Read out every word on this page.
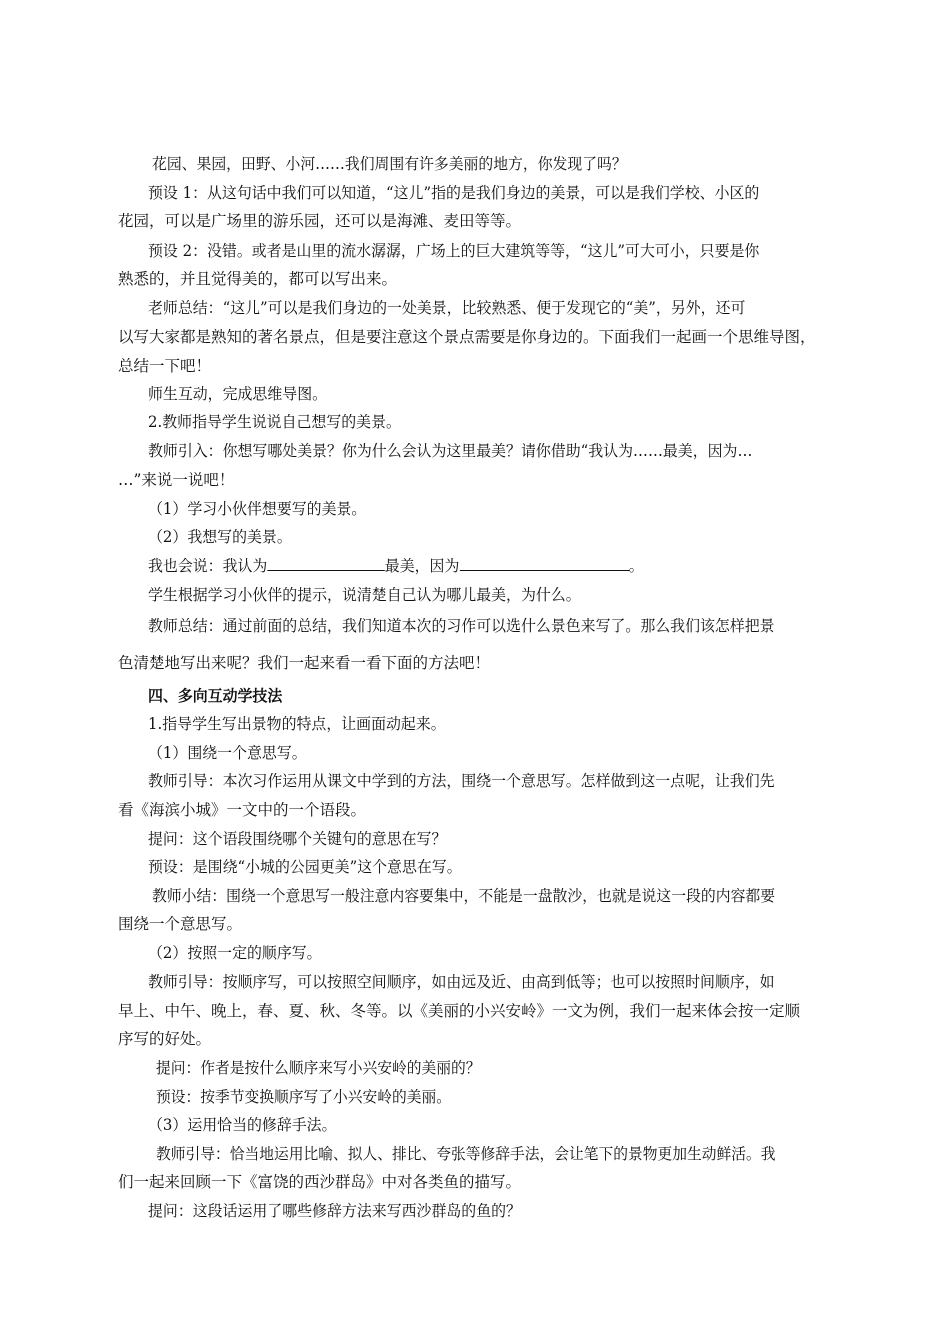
花园、果园，田野、小河……我们周围有许多美丽的地方，你发现了吗？
预设 1：从这句话中我们可以知道，“这儿”指的是我们身边的美景，可以是我们学校、小区的
花园，可以是广场里的游乐园，还可以是海滩、麦田等等。
预设 2：没错。或者是山里的流水潺潺，广场上的巨大建筑等等，“这儿”可大可小，只要是你
熟悉的，并且觉得美的，都可以写出来。
老师总结：“这儿”可以是我们身边的一处美景，比较熟悉、便于发现它的“美”，另外，还可
以写大家都是熟知的著名景点，但是要注意这个景点需要是你身边的。下面我们一起画一个思维导图，
总结一下吧！
师生互动，完成思维导图。
2.教师指导学生说说自己想写的美景。
教师引入：你想写哪处美景？你为什么会认为这里最美？请你借助“我认为……最美，因为…
…”来说一说吧！
（1）学习小伙伴想要写的美景。
（2）我想写的美景。
我也会说：我认为	最美，因为	。
学生根据学习小伙伴的提示，说清楚自己认为哪儿最美，为什么。
教师总结：通过前面的总结，我们知道本次的习作可以选什么景色来写了。那么我们该怎样把景
色清楚地写出来呢？我们一起来看一看下面的方法吧！
四、多向互动学技法
1.指导学生写出景物的特点，让画面动起来。
（1）围绕一个意思写。
教师引导：本次习作运用从课文中学到的方法，围绕一个意思写。怎样做到这一点呢，让我们先
看《海滨小城》一文中的一个语段。
提问：这个语段围绕哪个关键句的意思在写？
预设：是围绕“小城的公园更美”这个意思在写。
教师小结：围绕一个意思写一般注意内容要集中，不能是一盘散沙，也就是说这一段的内容都要
围绕一个意思写。
（2）按照一定的顺序写。
教师引导：按顺序写，可以按照空间顺序，如由远及近、由高到低等；也可以按照时间顺序，如
早上、中午、晚上，春、夏、秋、冬等。以《美丽的小兴安岭》一文为例，我们一起来体会按一定顺
序写的好处。
提问：作者是按什么顺序来写小兴安岭的美丽的？
预设：按季节变换顺序写了小兴安岭的美丽。
（3）运用恰当的修辞手法。
教师引导：恰当地运用比喻、拟人、排比、夸张等修辞手法，会让笔下的景物更加生动鲜活。我
们一起来回顾一下《富饶的西沙群岛》中对各类鱼的描写。
提问：这段话运用了哪些修辞方法来写西沙群岛的鱼的？
